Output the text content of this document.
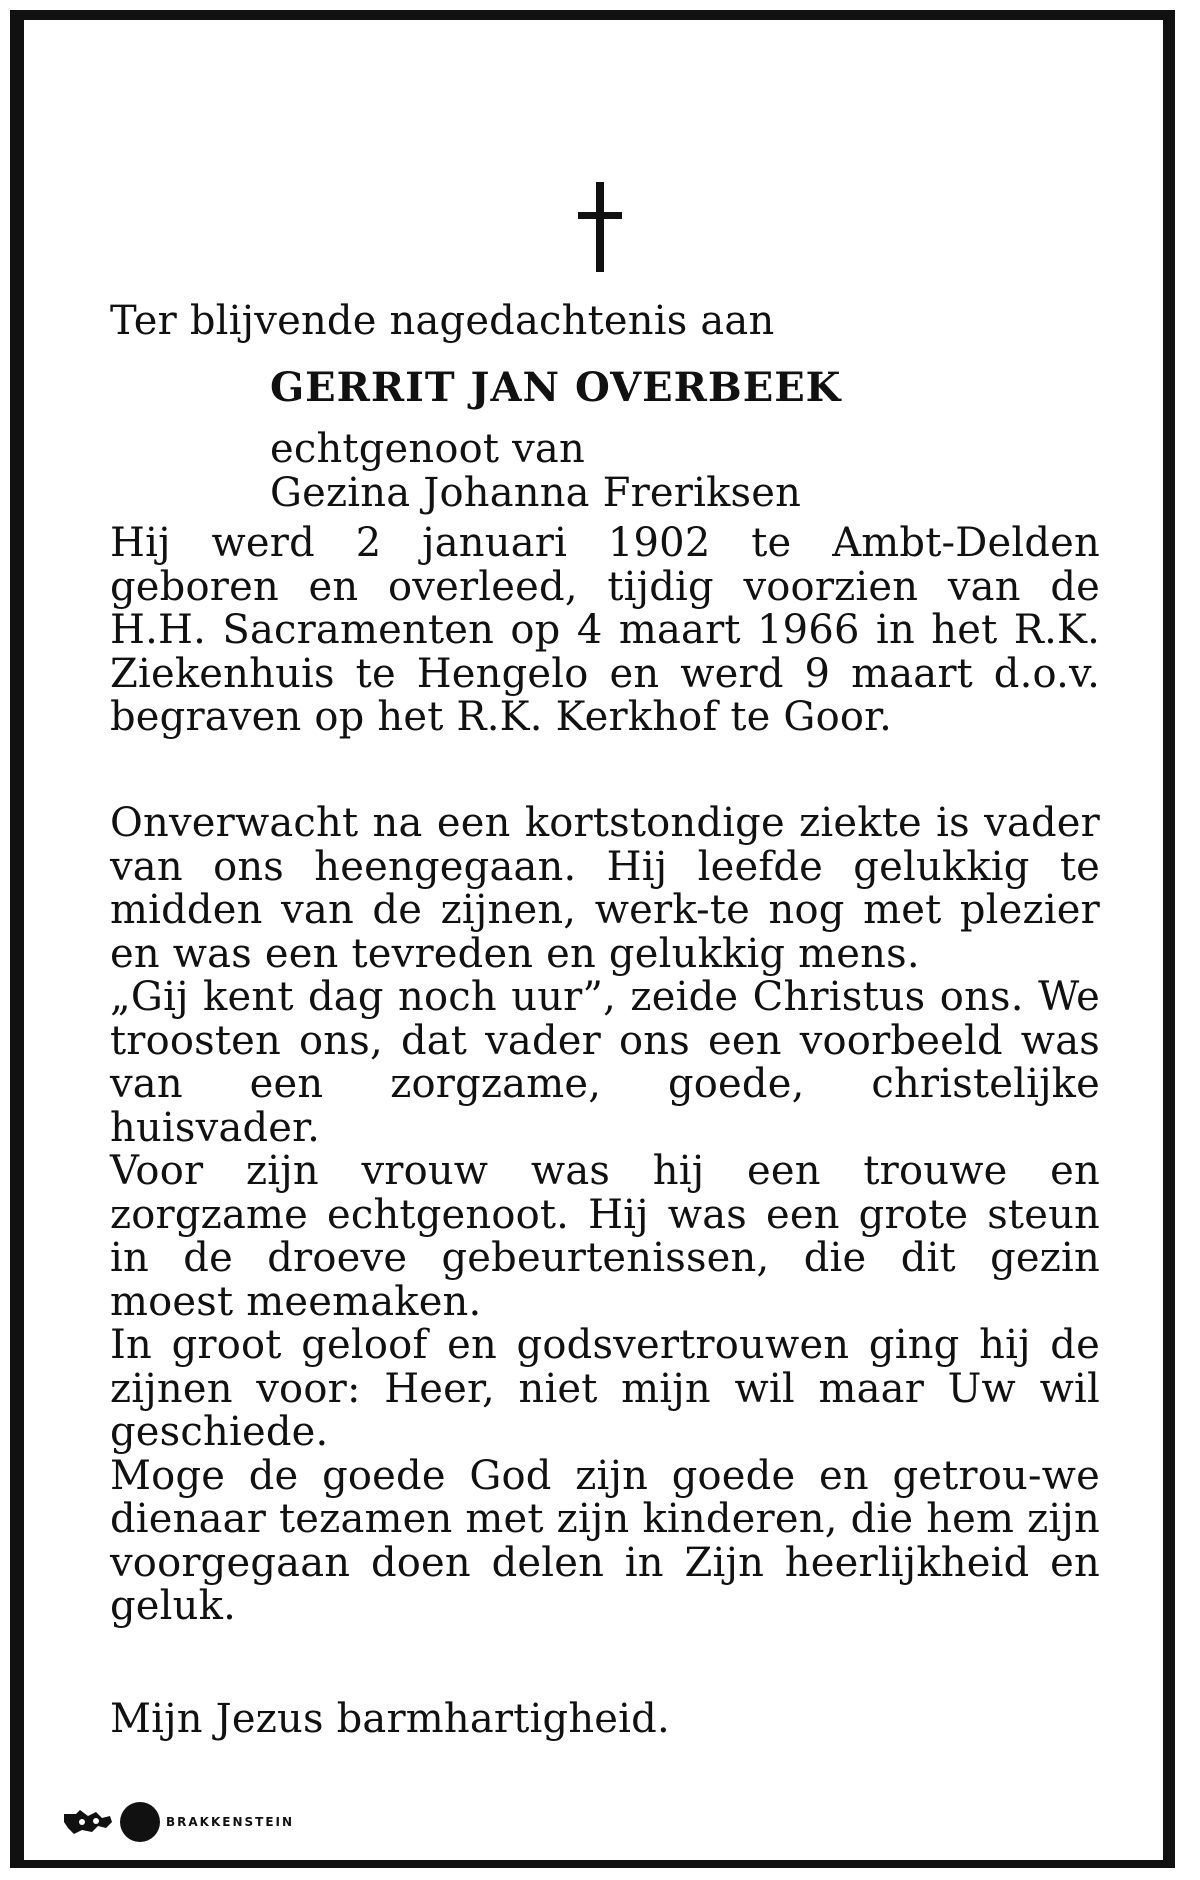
Ter blijvende nagedachtenis aan
GERRIT JAN OVERBEEK
echtgenoot van
Gezina Johanna Freriksen

Hij werd 2 januari 1902 te Ambt-Delden geboren en overleed, tijdig voorzien van de H.H. Sacramenten op 4 maart 1966 in het R.K. Ziekenhuis te Hengelo en werd 9 maart d.o.v. begraven op het R.K. Kerkhof te Goor.

Onverwacht na een kortstondige ziekte is vader van ons heengegaan. Hij leefde gelukkig te midden van de zijnen, werk-te nog met plezier en was een tevreden en gelukkig mens.

„Gij kent dag noch uur”, zeide Christus ons. We troosten ons, dat vader ons een voorbeeld was van een zorgzame, goede, christelijke huisvader.

Voor zijn vrouw was hij een trouwe en zorgzame echtgenoot. Hij was een grote steun in de droeve gebeurtenissen, die dit gezin moest meemaken.

In groot geloof en godsvertrouwen ging hij de zijnen voor: Heer, niet mijn wil maar Uw wil geschiede.

Moge de goede God zijn goede en getrou-we dienaar tezamen met zijn kinderen, die hem zijn voorgegaan doen delen in Zijn heerlijkheid en geluk.

Mijn Jezus barmhartigheid.
BRAKKENSTEIN
